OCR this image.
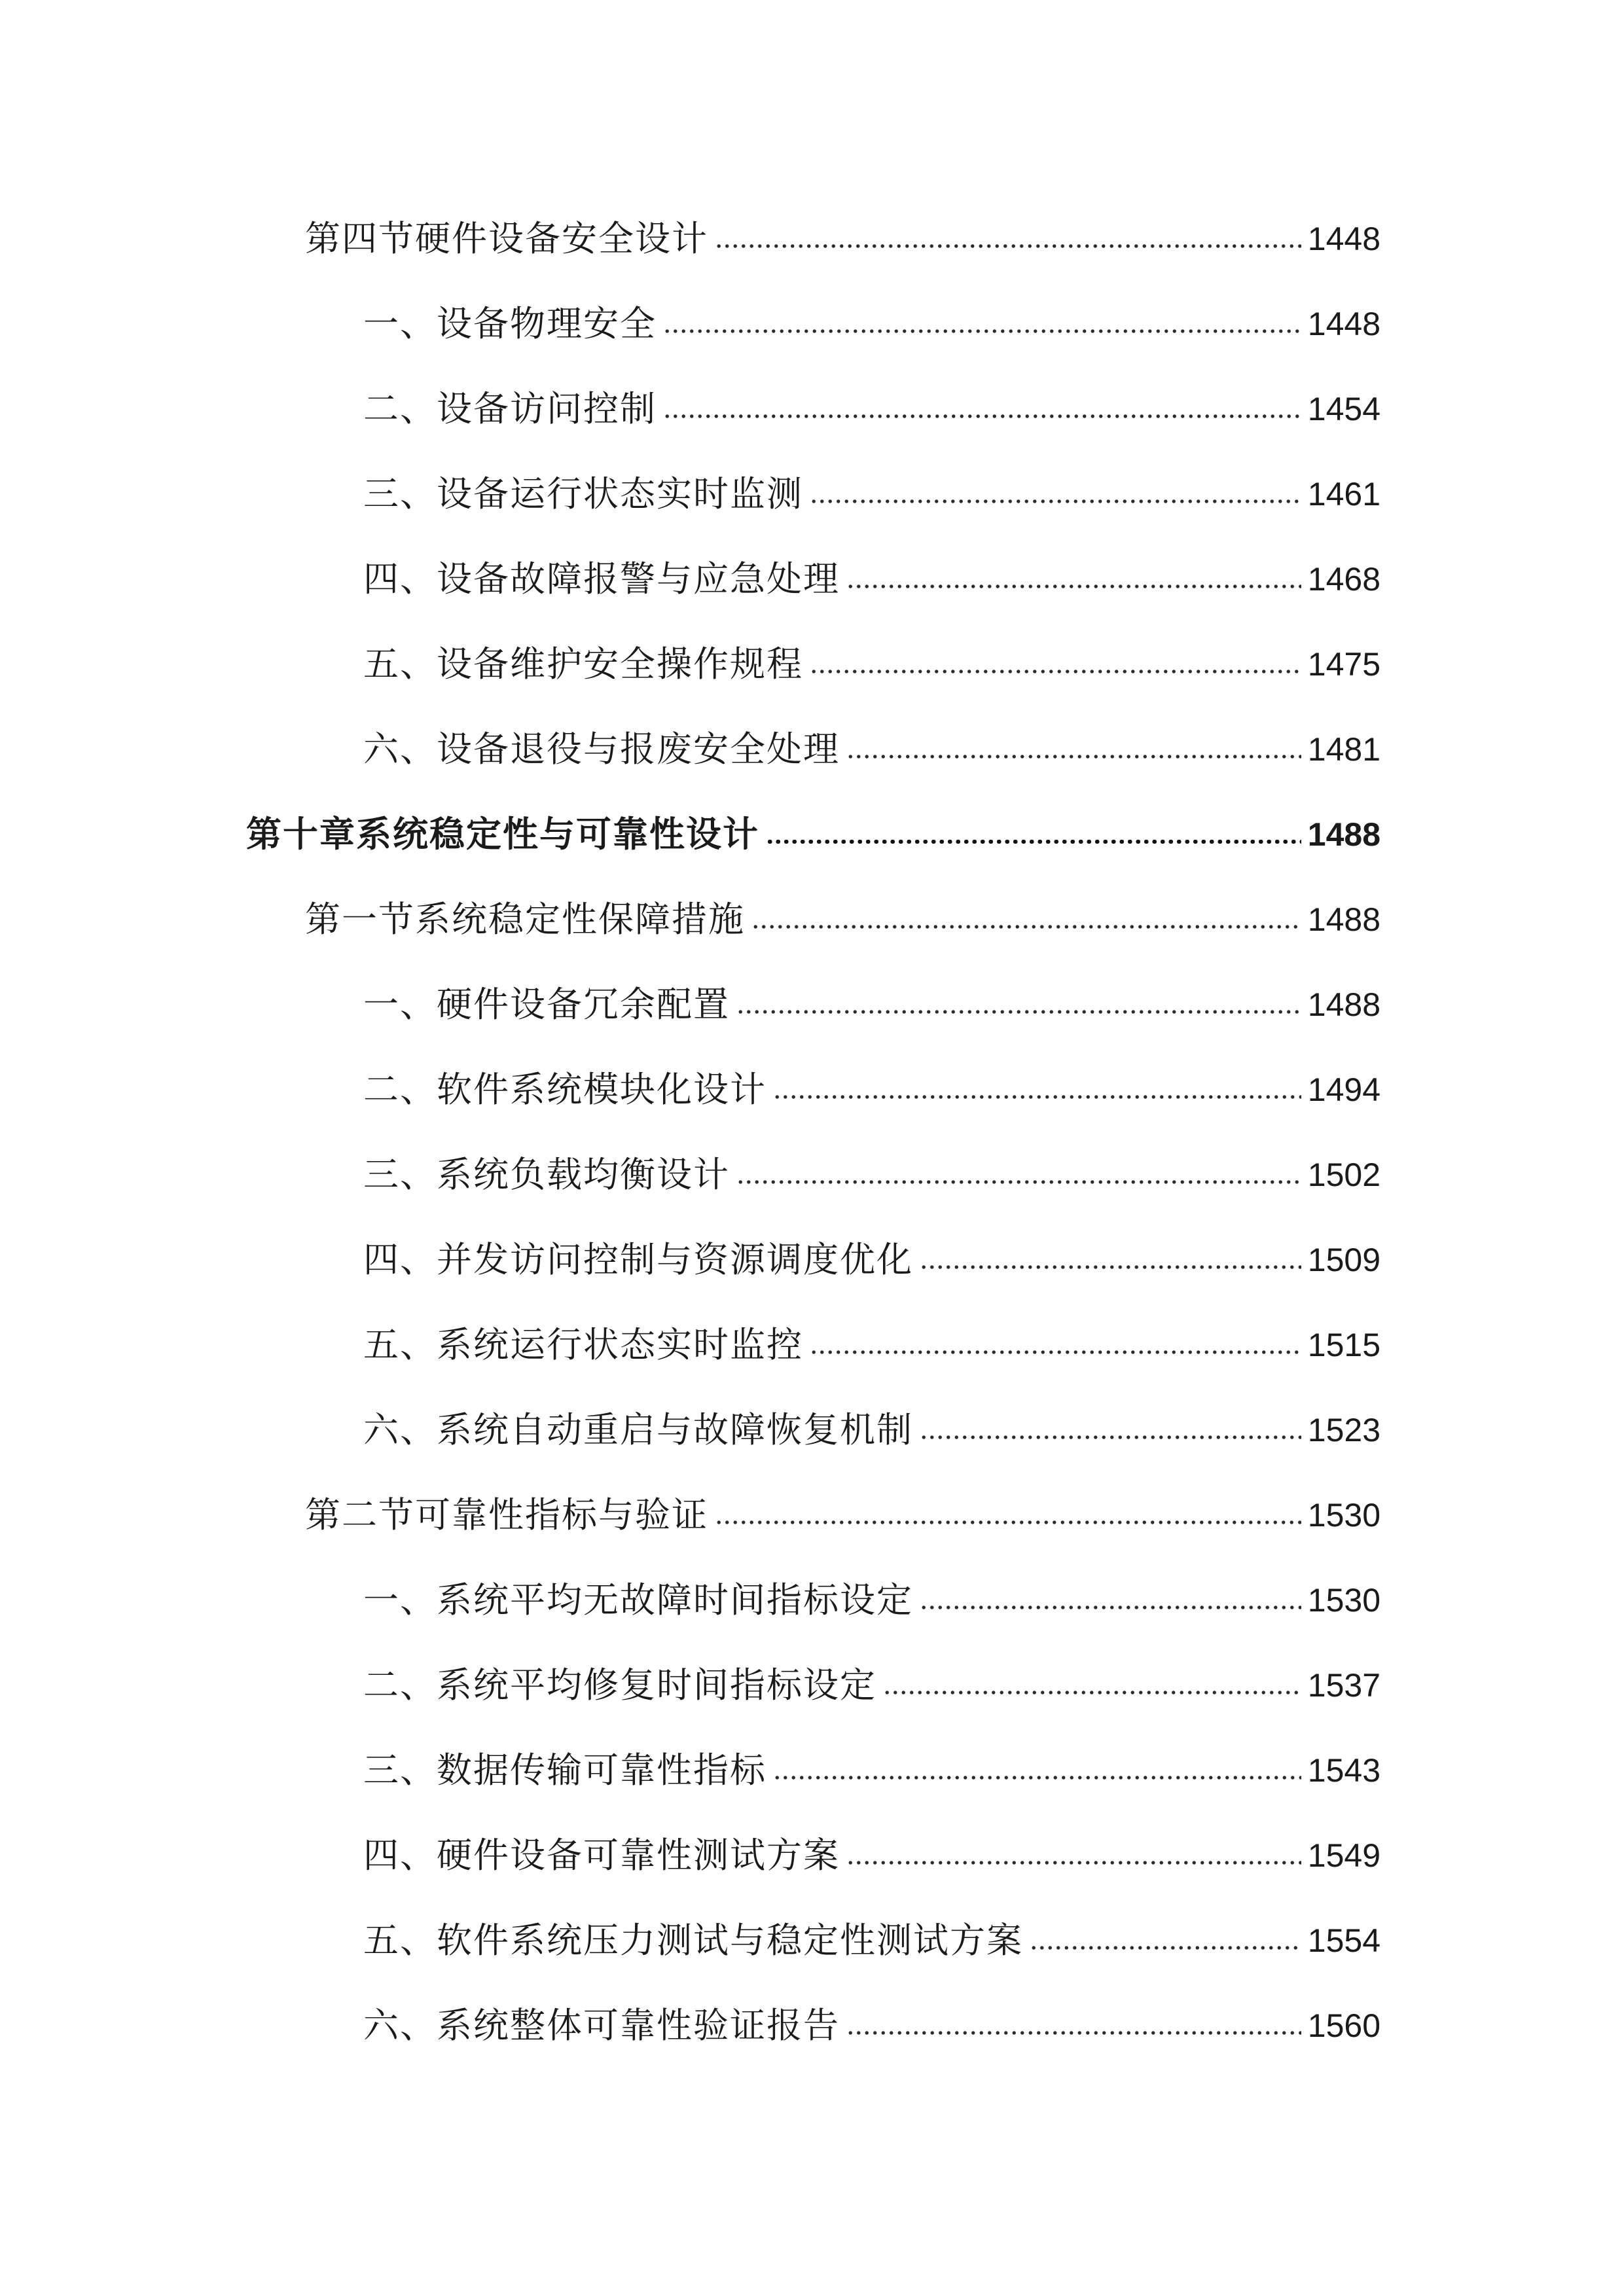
第四节硬件设备安全设计	1448
一、设备物理安全	1448
二、设备访问控制	1454
三、设备运行状态实时监测	1461
四、设备故障报警与应急处理	1468
五、设备维护安全操作规程	1475
六、设备退役与报废安全处理	1481
第十章系统稳定性与可靠性设计	1488
第一节系统稳定性保障措施	1488
一、硬件设备冗余配置	1488
二、软件系统模块化设计	1494
三、系统负载均衡设计	1502
四、并发访问控制与资源调度优化	1509
五、系统运行状态实时监控	1515
六、系统自动重启与故障恢复机制	1523
第二节可靠性指标与验证	1530
一、系统平均无故障时间指标设定	1530
二、系统平均修复时间指标设定	1537
三、数据传输可靠性指标	1543
四、硬件设备可靠性测试方案	1549
五、软件系统压力测试与稳定性测试方案	1554
六、系统整体可靠性验证报告	1560
